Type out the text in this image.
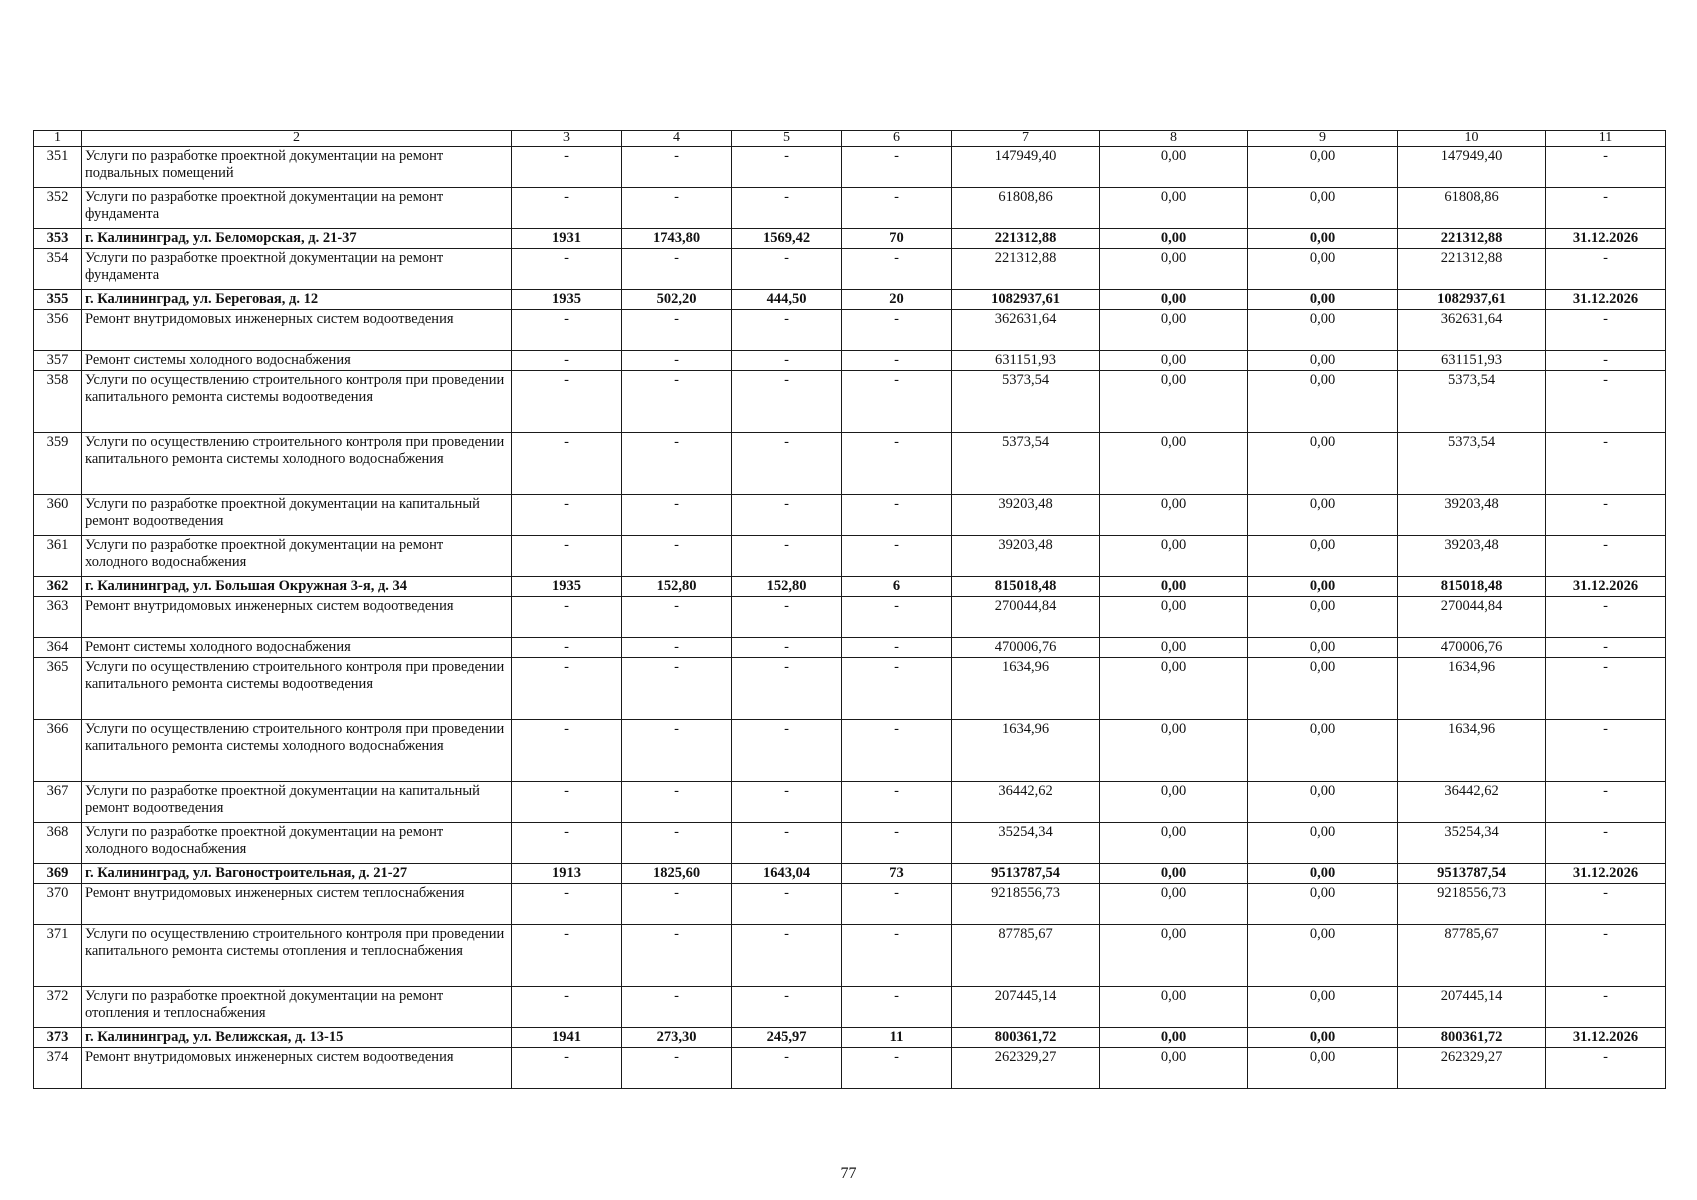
1	2	3	4	5	6	7	8	9	10	11
351	Услуги по разработке проектной документации на ремонт подвальных помещений	-	-	-	-	147949,40	0,00	0,00	147949,40	-
352	Услуги по разработке проектной документации на ремонт фундамента	-	-	-	-	61808,86	0,00	0,00	61808,86	-
353	г. Калининград, ул. Беломорская, д. 21-37	1931	1743,80	1569,42	70	221312,88	0,00	0,00	221312,88	31.12.2026
354	Услуги по разработке проектной документации на ремонт фундамента	-	-	-	-	221312,88	0,00	0,00	221312,88	-
355	г. Калининград, ул. Береговая, д. 12	1935	502,20	444,50	20	1082937,61	0,00	0,00	1082937,61	31.12.2026
356	Ремонт внутридомовых инженерных систем водоотведения	-	-	-	-	362631,64	0,00	0,00	362631,64	-
357	Ремонт системы холодного водоснабжения	-	-	-	-	631151,93	0,00	0,00	631151,93	-
358	Услуги по осуществлению строительного контроля при проведении капитального ремонта системы водоотведения	-	-	-	-	5373,54	0,00	0,00	5373,54	-
359	Услуги по осуществлению строительного контроля при проведении капитального ремонта системы холодного водоснабжения	-	-	-	-	5373,54	0,00	0,00	5373,54	-
360	Услуги по разработке проектной документации на капитальный ремонт водоотведения	-	-	-	-	39203,48	0,00	0,00	39203,48	-
361	Услуги по разработке проектной документации на ремонт холодного водоснабжения	-	-	-	-	39203,48	0,00	0,00	39203,48	-
362	г. Калининград, ул. Большая Окружная 3-я, д. 34	1935	152,80	152,80	6	815018,48	0,00	0,00	815018,48	31.12.2026
363	Ремонт внутридомовых инженерных систем водоотведения	-	-	-	-	270044,84	0,00	0,00	270044,84	-
364	Ремонт системы холодного водоснабжения	-	-	-	-	470006,76	0,00	0,00	470006,76	-
365	Услуги по осуществлению строительного контроля при проведении капитального ремонта системы водоотведения	-	-	-	-	1634,96	0,00	0,00	1634,96	-
366	Услуги по осуществлению строительного контроля при проведении капитального ремонта системы холодного водоснабжения	-	-	-	-	1634,96	0,00	0,00	1634,96	-
367	Услуги по разработке проектной документации на капитальный ремонт водоотведения	-	-	-	-	36442,62	0,00	0,00	36442,62	-
368	Услуги по разработке проектной документации на ремонт холодного водоснабжения	-	-	-	-	35254,34	0,00	0,00	35254,34	-
369	г. Калининград, ул. Вагоностроительная, д. 21-27	1913	1825,60	1643,04	73	9513787,54	0,00	0,00	9513787,54	31.12.2026
370	Ремонт внутридомовых инженерных систем теплоснабжения	-	-	-	-	9218556,73	0,00	0,00	9218556,73	-
371	Услуги по осуществлению строительного контроля при проведении капитального ремонта системы отопления и теплоснабжения	-	-	-	-	87785,67	0,00	0,00	87785,67	-
372	Услуги по разработке проектной документации на ремонт отопления и теплоснабжения	-	-	-	-	207445,14	0,00	0,00	207445,14	-
373	г. Калининград, ул. Велижская, д. 13-15	1941	273,30	245,97	11	800361,72	0,00	0,00	800361,72	31.12.2026
374	Ремонт внутридомовых инженерных систем водоотведения	-	-	-	-	262329,27	0,00	0,00	262329,27	-
77
